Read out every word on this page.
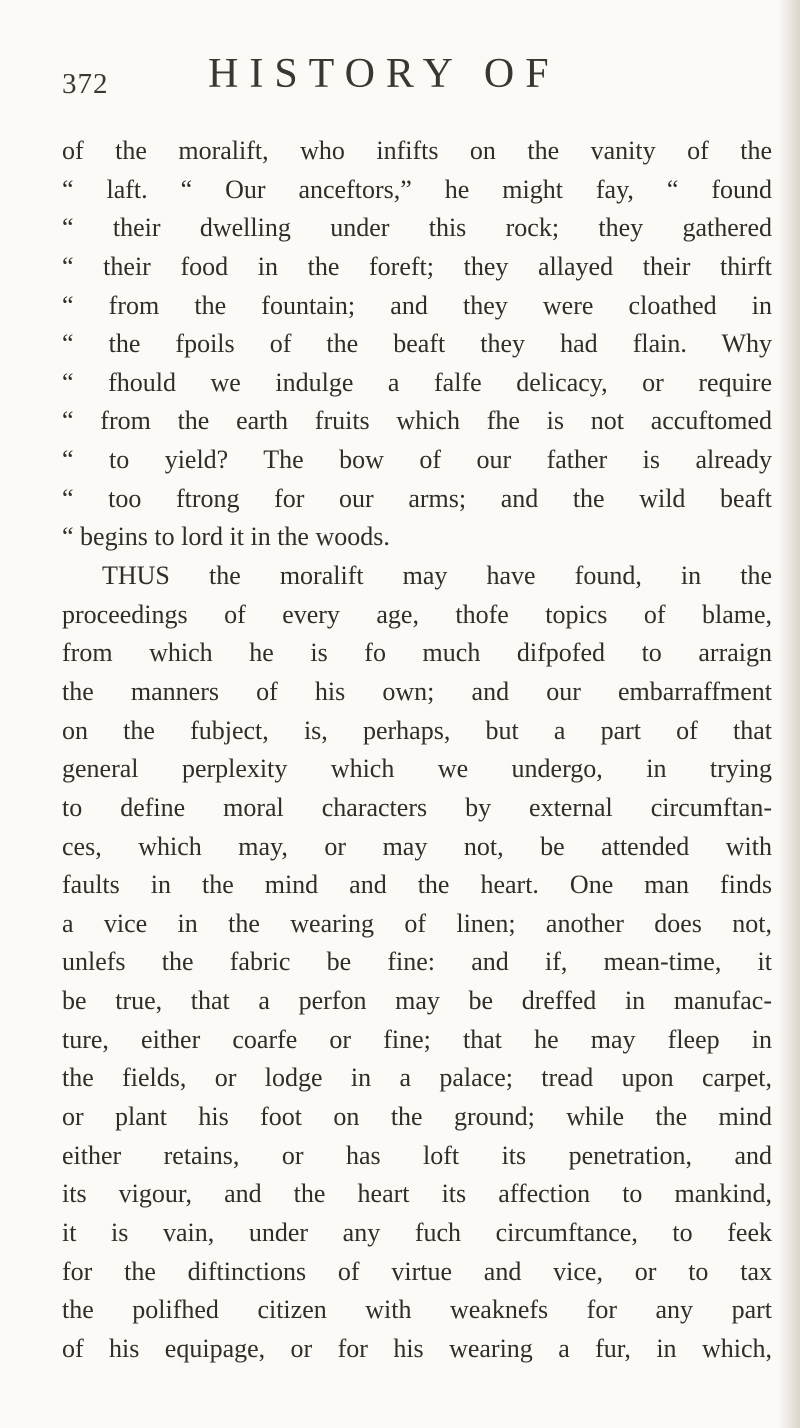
372 HISTORY OF
of the moralift, who infifts on the vanity of the
“ laft. “ Our anceftors,” he might fay, “ found
“ their dwelling under this rock; they gathered
“ their food in the foreft; they allayed their thirft
“ from the fountain; and they were cloathed in
“ the fpoils of the beaft they had flain. Why
“ fhould we indulge a falfe delicacy, or require
“ from the earth fruits which fhe is not accuftomed
“ to yield? The bow of our father is already
“ too ftrong for our arms; and the wild beaft
“ begins to lord it in the woods.
THUS the moralift may have found, in the
proceedings of every age, thofe topics of blame,
from which he is fo much difpofed to arraign
the manners of his own; and our embarraffment
on the fubject, is, perhaps, but a part of that
general perplexity which we undergo, in trying
to define moral characters by external circumftan-
ces, which may, or may not, be attended with
faults in the mind and the heart. One man finds
a vice in the wearing of linen; another does not,
unlefs the fabric be fine: and if, mean-time, it
be true, that a perfon may be dreffed in manufac-
ture, either coarfe or fine; that he may fleep in
the fields, or lodge in a palace; tread upon carpet,
or plant his foot on the ground; while the mind
either retains, or has loft its penetration, and
its vigour, and the heart its affection to mankind,
it is vain, under any fuch circumftance, to feek
for the diftinctions of virtue and vice, or to tax
the polifhed citizen with weaknefs for any part
of his equipage, or for his wearing a fur, in which,
